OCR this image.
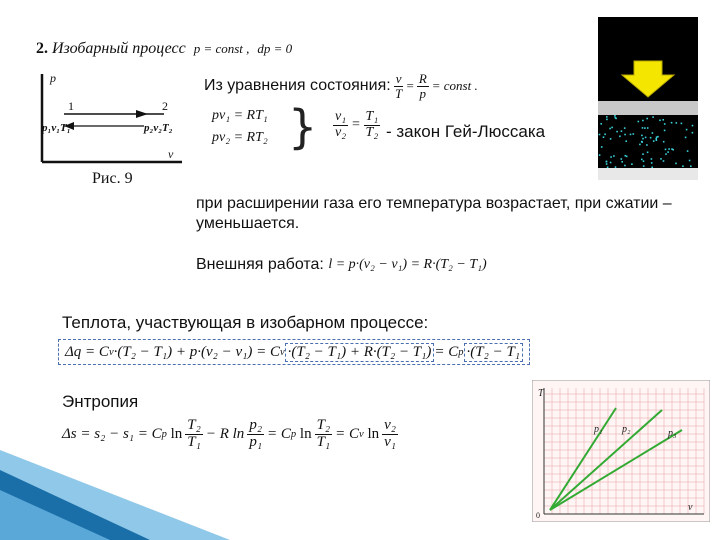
2.
Изобарный процесс
p = const ,
dp = 0
p
v
1	2
p₁v₁T₁	p₂v₂T₂
Рис. 9
Из уравнения состояния: $\frac{v}{T} = \frac{R}{p}$ = const .
pv₁ = RT₁
pv₂ = RT₂ } $\frac{\text{v₁}}{\text{v₂}} = \frac{\text{T₁}}{\text{T₂}}$ - закон Гей-Люссака
при расширении газа его температура возрастает, при сжатии – уменьшается.
Внешняя работа:
l = p·(v₂ − v₁) = R·(T₂ − T₁)
Теплота, участвующая в изобарном процессе:
Δq = C v ·(T₂ − T₁) + p·(v₂ − v₁) = C v ·(T₂ − T₁) + R·(T₂ − T₁) = C p ·(T₂ − T₁
Энтропия
Δs = s₂ − s₁ = C p
$\ln \frac{\text{T₂}}{\text{T₁}} - R$ $\ln \frac{\text{p₂}}{\text{p₁}} = C$ p
$\ln \frac{\text{T₂}}{\text{T₁}} = C$ v
$\ln \frac{\text{v₂}}{\text{v₁}}$
T
v
0
p₁ p₂	p₃
